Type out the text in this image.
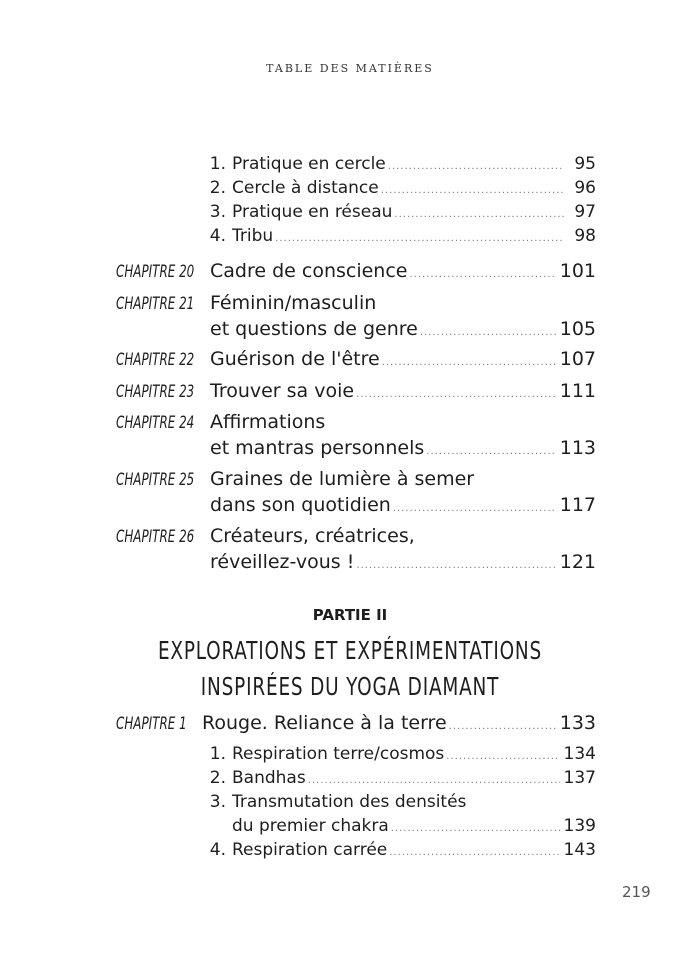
TABLE DES MATIÈRES
1. Pratique en cercle .....	95
2. Cercle à distance .....	96
3. Pratique en réseau .....	97
4. Tribu .....	98
CHAPITRE 20 Cadre de conscience .....	101
CHAPITRE 21 Féminin/masculin
et questions de genre .....	105
CHAPITRE 22 Guérison de l'être .....	107
CHAPITRE 23 Trouver sa voie .....	111
CHAPITRE 24 Affirmations
et mantras personnels .....	113
CHAPITRE 25 Graines de lumière à semer
dans son quotidien .....	117
CHAPITRE 26 Créateurs, créatrices,
réveillez-vous ! .....	121
PARTIE II
EXPLORATIONS ET EXPÉRIMENTATIONS
INSPIRÉES DU YOGA DIAMANT
CHAPITRE 1 Rouge. Reliance à la terre .....	133
1. Respiration terre/cosmos .....	134
2. Bandhas .....	137
3. Transmutation des densités
du premier chakra .....	139
4. Respiration carrée .....	143
219
